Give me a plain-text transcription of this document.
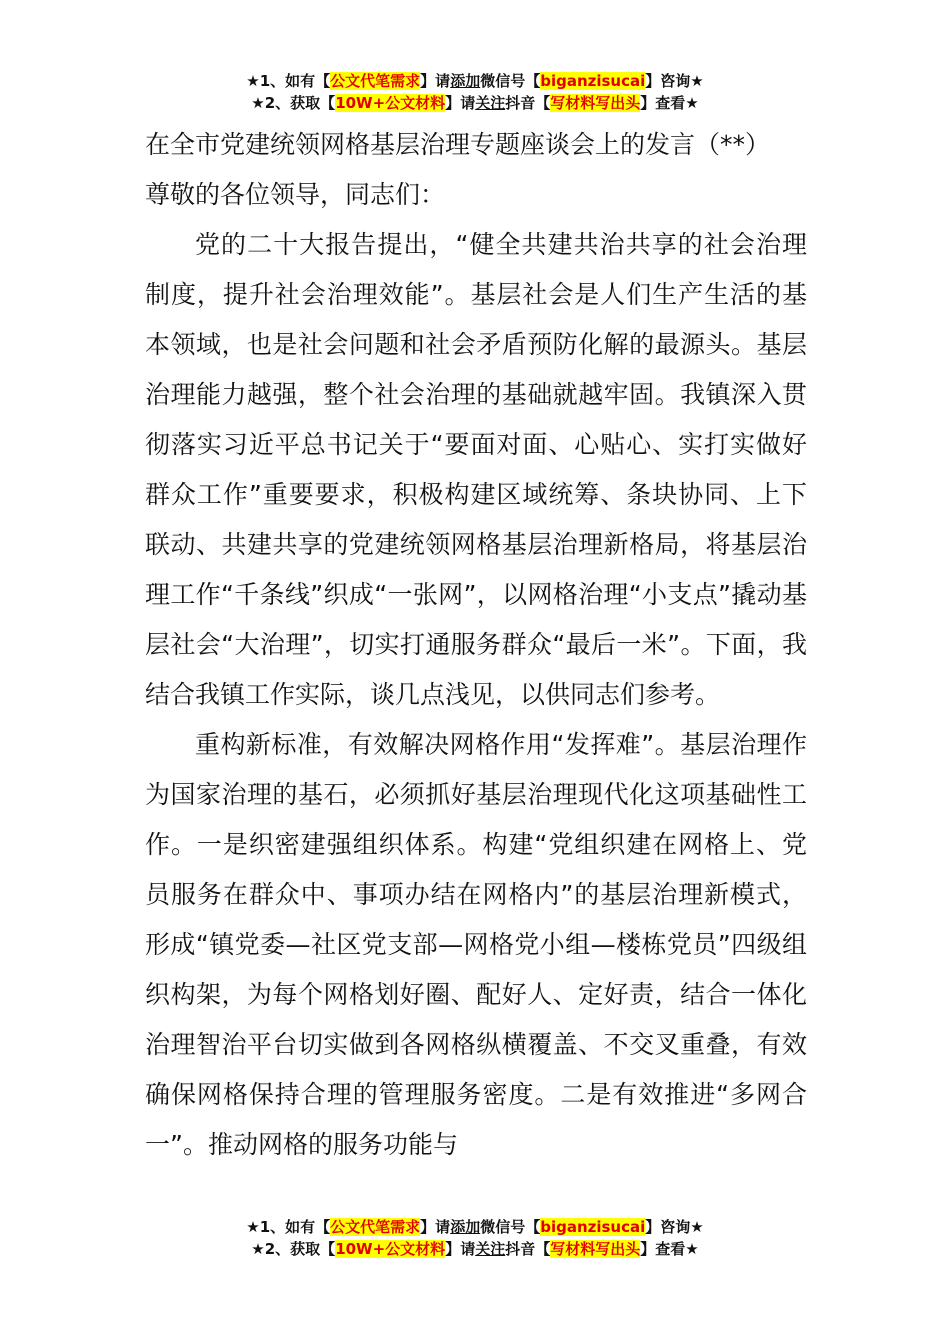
★1、如有【公文代笔需求】请添加微信号【biganzisucai】咨询★
★2、获取【10W+公文材料】请关注抖音【写材料写出头】查看★
在全市党建统领网格基层治理专题座谈会上的发言（**）
尊敬的各位领导，同志们：

党的二十大报告提出，“健全共建共治共享的社会治理制度，提升社会治理效能”。基层社会是人们生产生活的基本领域，也是社会问题和社会矛盾预防化解的最源头。基层治理能力越强，整个社会治理的基础就越牢固。我镇深入贯彻落实习近平总书记关于“要面对面、心贴心、实打实做好群众工作”重要要求，积极构建区域统筹、条块协同、上下联动、共建共享的党建统领网格基层治理新格局，将基层治理工作“千条线”织成“一张网”，以网格治理“小支点”撬动基层社会“大治理”，切实打通服务群众“最后一米”。下面，我结合我镇工作实际，谈几点浅见，以供同志们参考。

重构新标准，有效解决网格作用“发挥难”。基层治理作为国家治理的基石，必须抓好基层治理现代化这项基础性工作。一是织密建强组织体系。构建“党组织建在网格上、党员服务在群众中、事项办结在网格内”的基层治理新模式，形成“镇党委—社区党支部—网格党小组—楼栋党员”四级组织构架，为每个网格划好圈、配好人、定好责，结合一体化治理智治平台切实做到各网格纵横覆盖、不交叉重叠，有效确保网格保持合理的管理服务密度。二是有效推进“多网合一”。推动网格的服务功能与

★1、如有【公文代笔需求】请添加微信号【biganzisucai】咨询★
★2、获取【10W+公文材料】请关注抖音【写材料写出头】查看★
